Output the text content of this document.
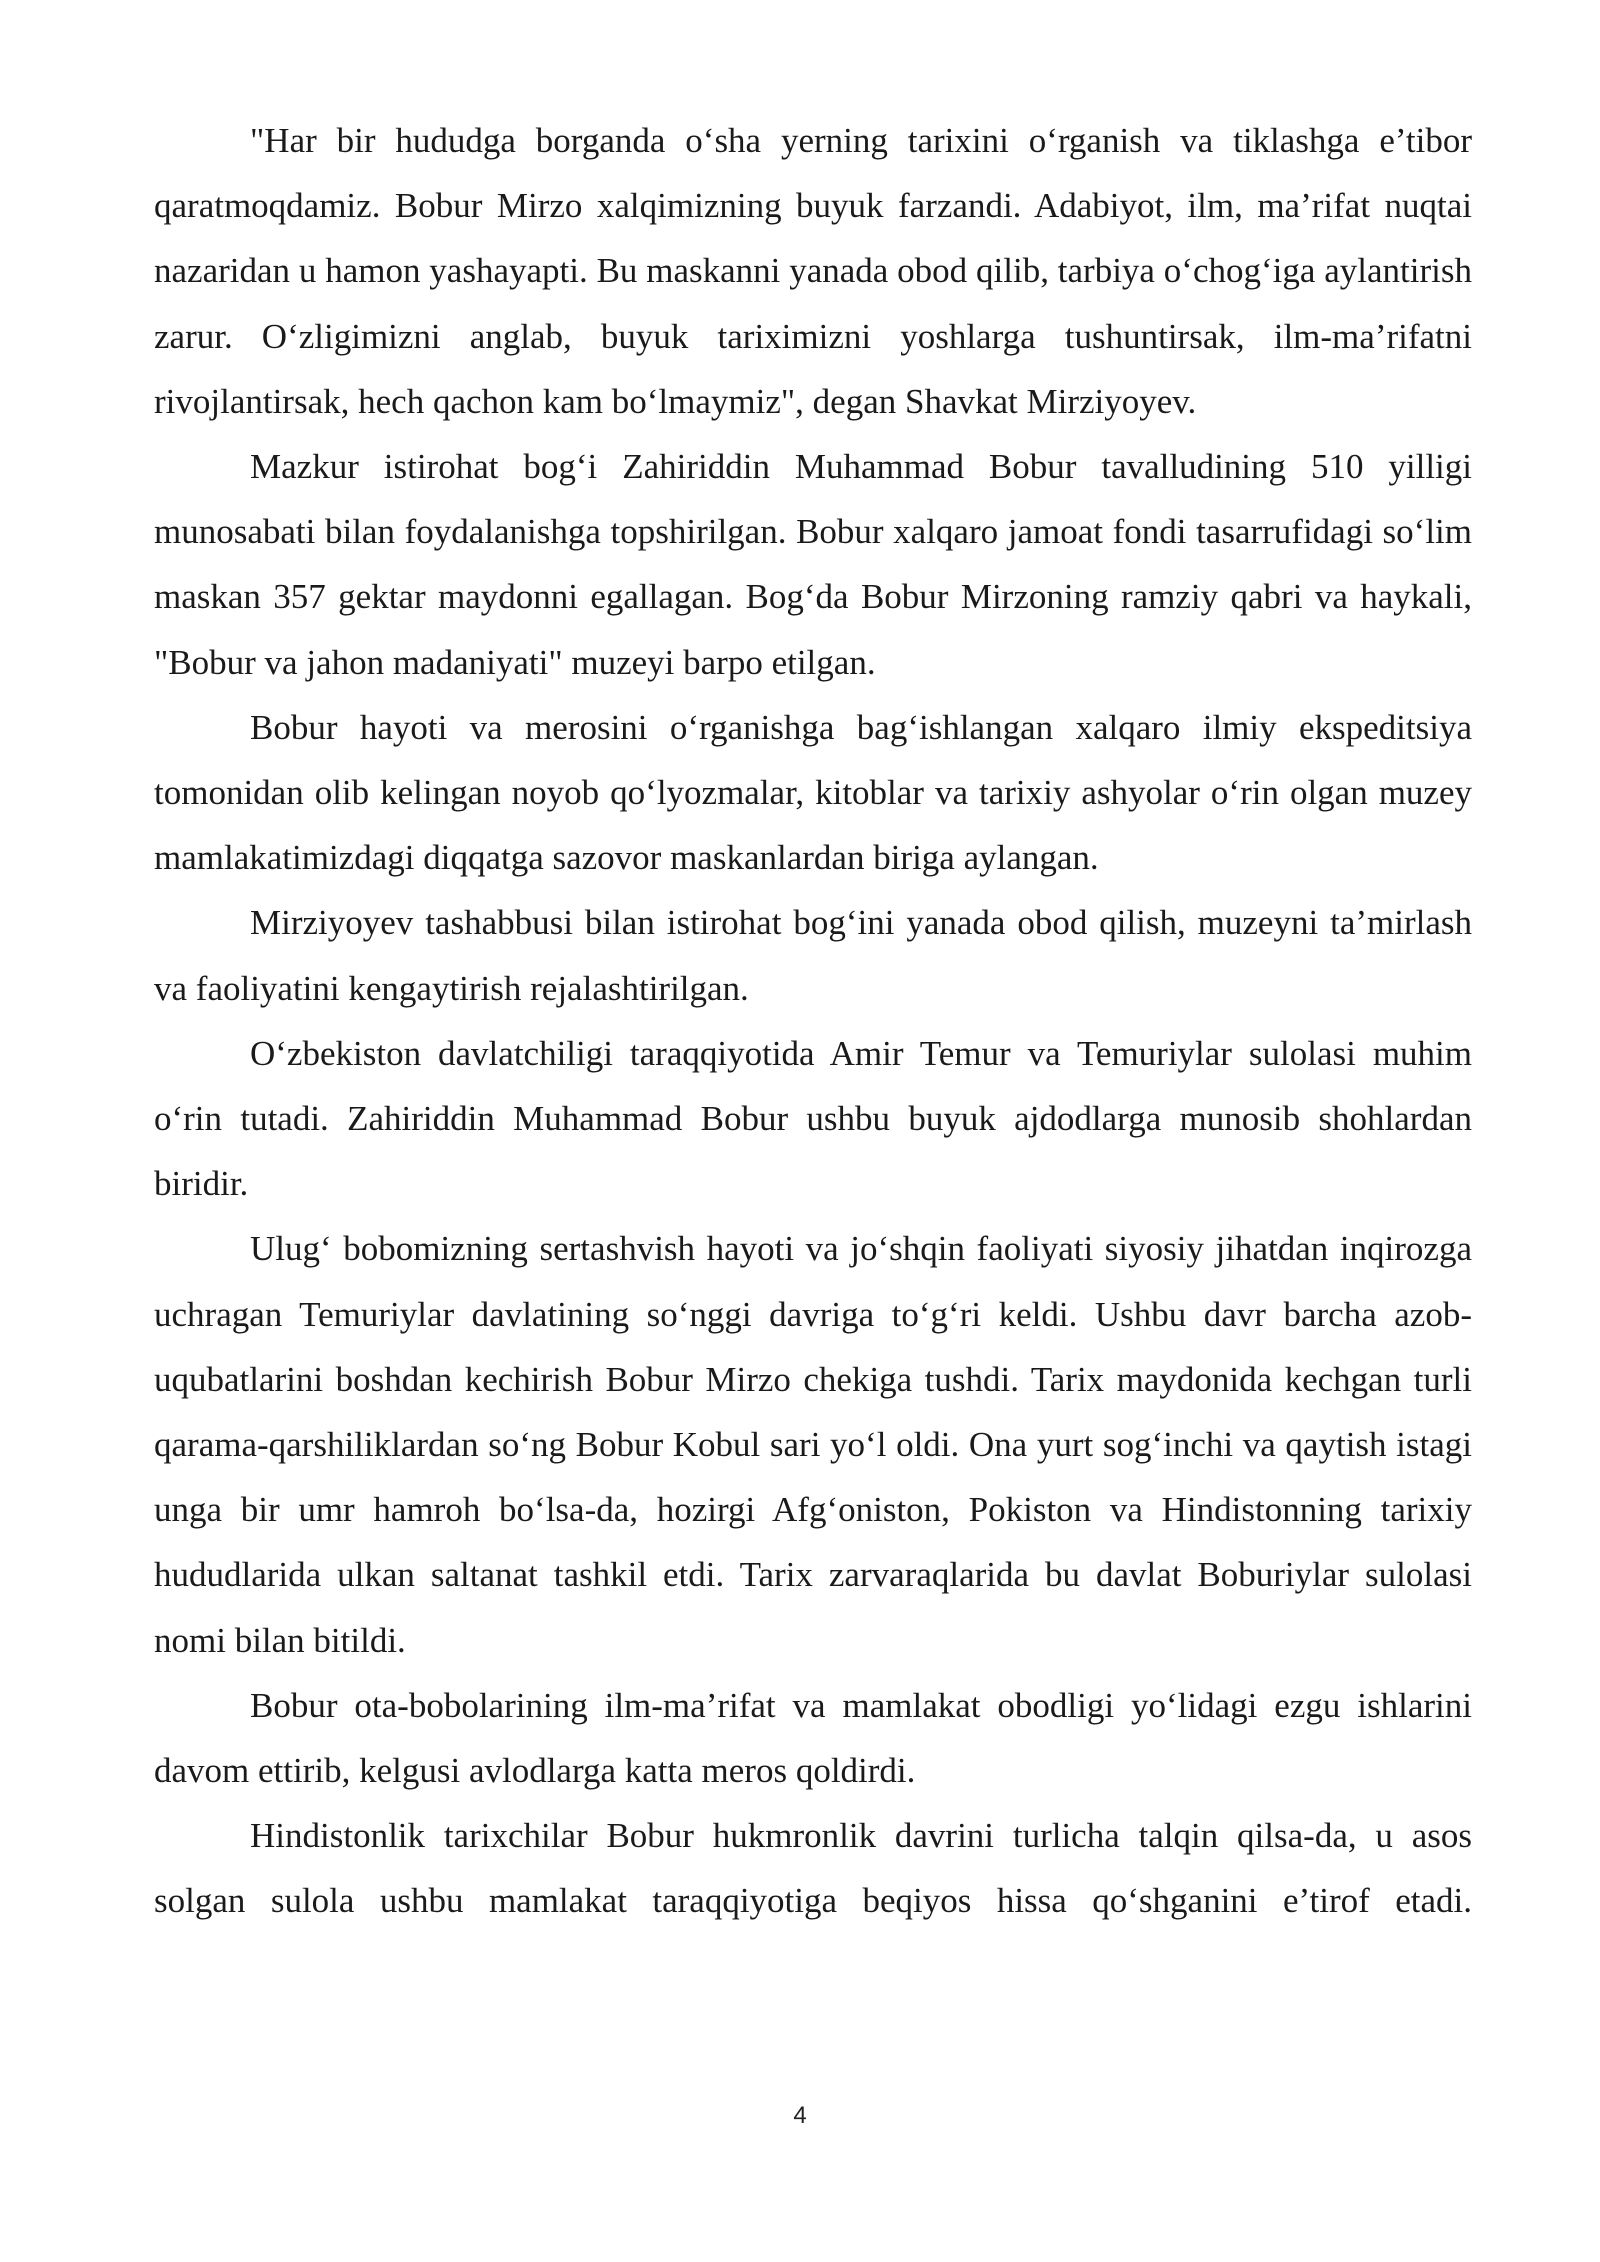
"Har bir hududga borganda o‘sha yerning tarixini o‘rganish va tiklashga e’tibor qaratmoqdamiz. Bobur Mirzo xalqimizning buyuk farzandi. Adabiyot, ilm, ma’rifat nuqtai nazaridan u hamon yashayapti. Bu maskanni yanada obod qilib, tarbiya o‘chog‘iga aylantirish zarur. O‘zligimizni anglab, buyuk tariximizni yoshlarga tushuntirsak, ilm-ma’rifatni rivojlantirsak, hech qachon kam bo‘lmaymiz", degan Shavkat Mirziyoyev.

Mazkur istirohat bog‘i Zahiriddin Muhammad Bobur tavalludining 510 yilligi munosabati bilan foydalanishga topshirilgan. Bobur xalqaro jamoat fondi tasarrufidagi so‘lim maskan 357 gektar maydonni egallagan. Bog‘da Bobur Mirzoning ramziy qabri va haykali, "Bobur va jahon madaniyati" muzeyi barpo etilgan.

Bobur hayoti va merosini o‘rganishga bag‘ishlangan xalqaro ilmiy ekspeditsiya tomonidan olib kelingan noyob qo‘lyozmalar, kitoblar va tarixiy ashyolar o‘rin olgan muzey mamlakatimizdagi diqqatga sazovor maskanlardan biriga aylangan.

Mirziyoyev tashabbusi bilan istirohat bog‘ini yanada obod qilish, muzeyni ta’mirlash va faoliyatini kengaytirish rejalashtirilgan.

O‘zbekiston davlatchiligi taraqqiyotida Amir Temur va Temuriylar sulolasi muhim o‘rin tutadi. Zahiriddin Muhammad Bobur ushbu buyuk ajdodlarga munosib shohlardan biridir.

Ulug‘ bobomizning sertashvish hayoti va jo‘shqin faoliyati siyosiy jihatdan inqirozga uchragan Temuriylar davlatining so‘nggi davriga to‘g‘ri keldi. Ushbu davr barcha azob-uqubatlarini boshdan kechirish Bobur Mirzo chekiga tushdi. Tarix maydonida kechgan turli qarama-qarshiliklardan so‘ng Bobur Kobul sari yo‘l oldi. Ona yurt sog‘inchi va qaytish istagi unga bir umr hamroh bo‘lsa-da, hozirgi Afg‘oniston, Pokiston va Hindistonning tarixiy hududlarida ulkan saltanat tashkil etdi. Tarix zarvaraqlarida bu davlat Boburiylar sulolasi nomi bilan bitildi.

Bobur ota-bobolarining ilm-ma’rifat va mamlakat obodligi yo‘lidagi ezgu ishlarini davom ettirib, kelgusi avlodlarga katta meros qoldirdi.

Hindistonlik tarixchilar Bobur hukmronlik davrini turlicha talqin qilsa-da, u asos solgan sulola ushbu mamlakat taraqqiyotiga beqiyos hissa qo‘shganini e’tirof etadi.

4
